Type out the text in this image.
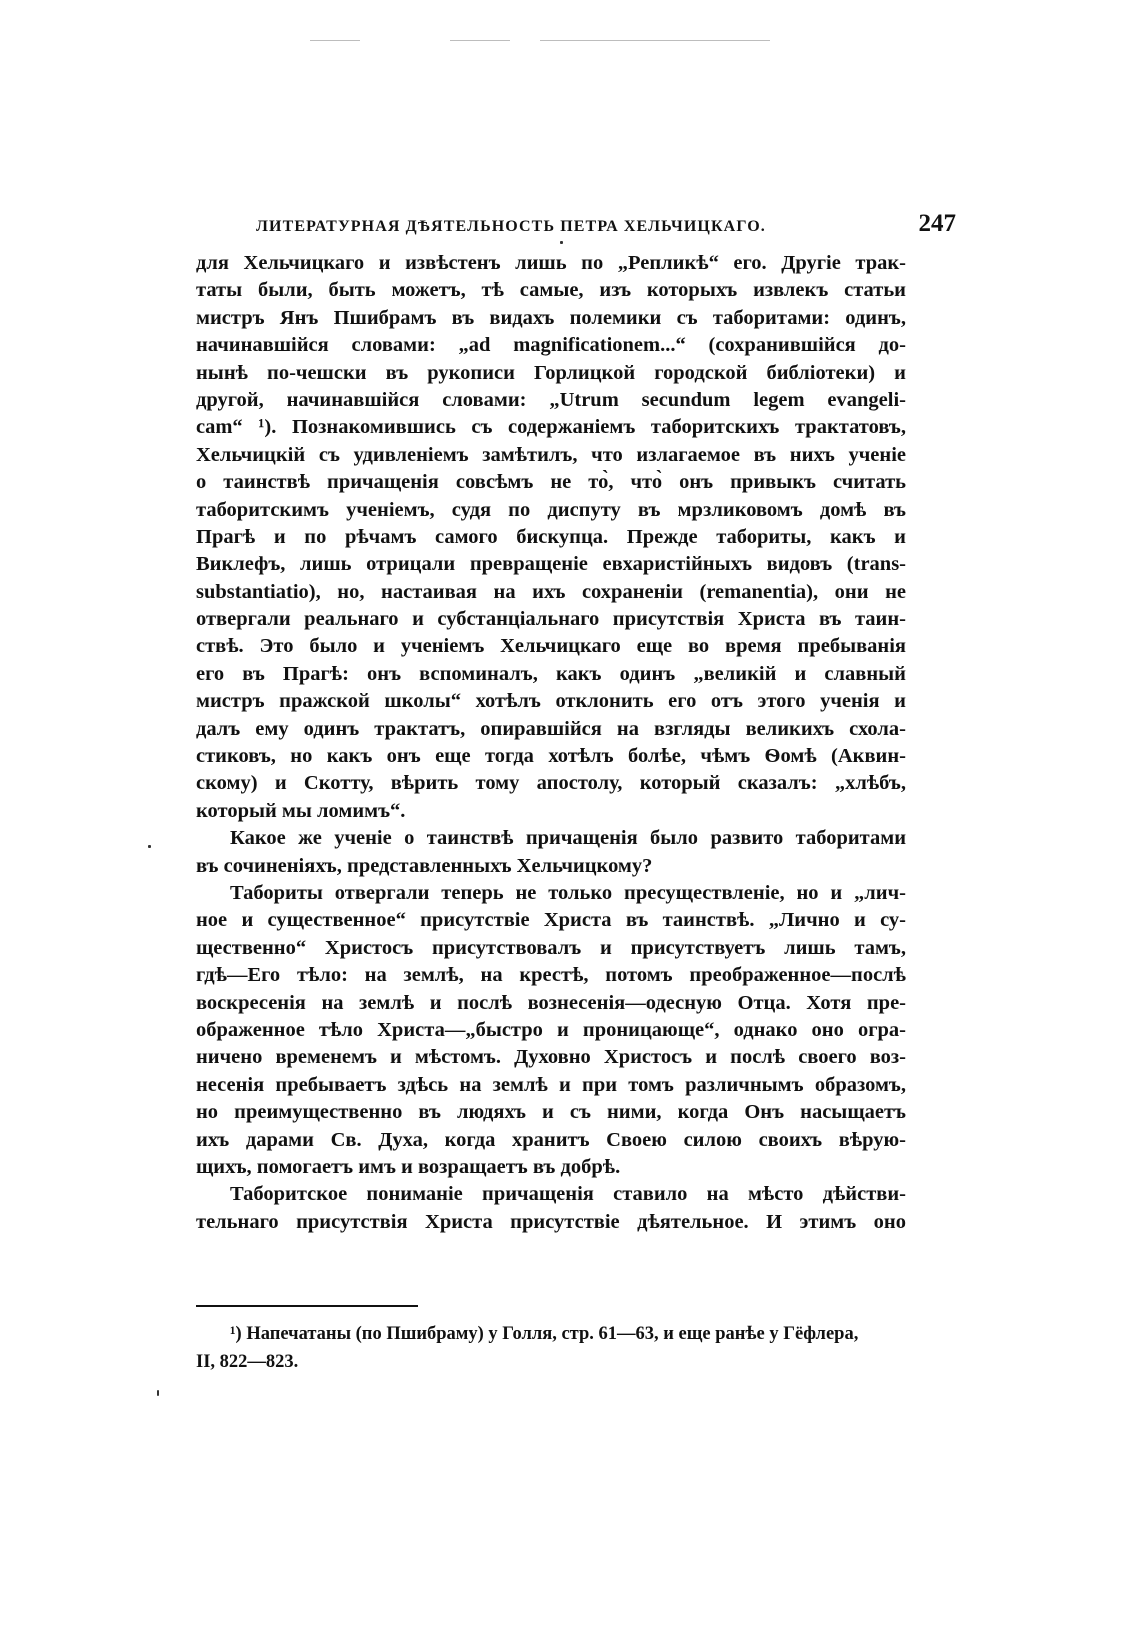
ЛИТЕРАТУРНАЯ ДѢЯТЕЛЬНОСТЬ ПЕТРА ХЕЛЬЧИЦКАГО.	247
для Хельчицкаго и извѣстенъ лишь по „Репликѣ“ его. Другіе трак-
таты были, быть можетъ, тѣ самые, изъ которыхъ извлекъ статьи
мистръ Янъ Пшибрамъ въ видахъ полемики съ таборитами: одинъ,
начинавшійся словами: „ad magnificationem...“ (сохранившійся до-
нынѣ по-чешски въ рукописи Горлицкой городской библіотеки) и
другой, начинавшійся словами: „Utrum secundum legem evangeli-
cam“ ¹). Познакомившись съ содержаніемъ таборитскихъ трактатовъ,
Хельчицкій съ удивленіемъ замѣтилъ, что излагаемое въ нихъ ученіе
о таинствѣ причащенія совсѣмъ не то̀, что̀ онъ привыкъ считать
таборитскимъ ученіемъ, судя по диспуту въ мрзликовомъ домѣ въ
Прагѣ и по рѣчамъ самого бискупца. Прежде табориты, какъ и
Виклефъ, лишь отрицали превращеніе евхаристійныхъ видовъ (trans-
substantiatio), но, настаивая на ихъ сохраненіи (remanentia), они не
отвергали реальнаго и субстанціальнаго присутствія Христа въ таин-
ствѣ. Это было и ученіемъ Хельчицкаго еще во время пребыванія
его въ Прагѣ: онъ вспоминалъ, какъ одинъ „великій и славный
мистръ пражской школы“ хотѣлъ отклонить его отъ этого ученія и
далъ ему одинъ трактатъ, опиравшійся на взгляды великихъ схола-
стиковъ, но какъ онъ еще тогда хотѣлъ болѣе, чѣмъ Ѳомѣ (Аквин-
скому) и Скотту, вѣрить тому апостолу, который сказалъ: „хлѣбъ,
который мы ломимъ“.
Какое же ученіе о таинствѣ причащенія было развито таборитами
въ сочиненіяхъ, представленныхъ Хельчицкому?
Табориты отвергали теперь не только пресуществленіе, но и „лич-
ное и существенное“ присутствіе Христа въ таинствѣ. „Лично и су-
щественно“ Христосъ присутствовалъ и присутствуетъ лишь тамъ,
гдѣ—Его тѣло: на землѣ, на крестѣ, потомъ преображенное—послѣ
воскресенія на землѣ и послѣ вознесенія—одесную Отца. Хотя пре-
ображенное тѣло Христа—„быстро и проницающе“, однако оно огра-
ничено временемъ и мѣстомъ. Духовно Христосъ и послѣ своего воз-
несенія пребываетъ здѣсь на землѣ и при томъ различнымъ образомъ,
но преимущественно въ людяхъ и съ ними, когда Онъ насыщаетъ
ихъ дарами Св. Духа, когда хранитъ Своею силою своихъ вѣрую-
щихъ, помогаетъ имъ и возращаетъ въ добрѣ.
Таборитское пониманіе причащенія ставило на мѣсто дѣйстви-
тельнаго присутствія Христа присутствіе дѣятельное. И этимъ оно
¹) Напечатаны (по Пшибраму) у Голля, стр. 61—63, и еще ранѣе у Гёфлера,
II, 822—823.
